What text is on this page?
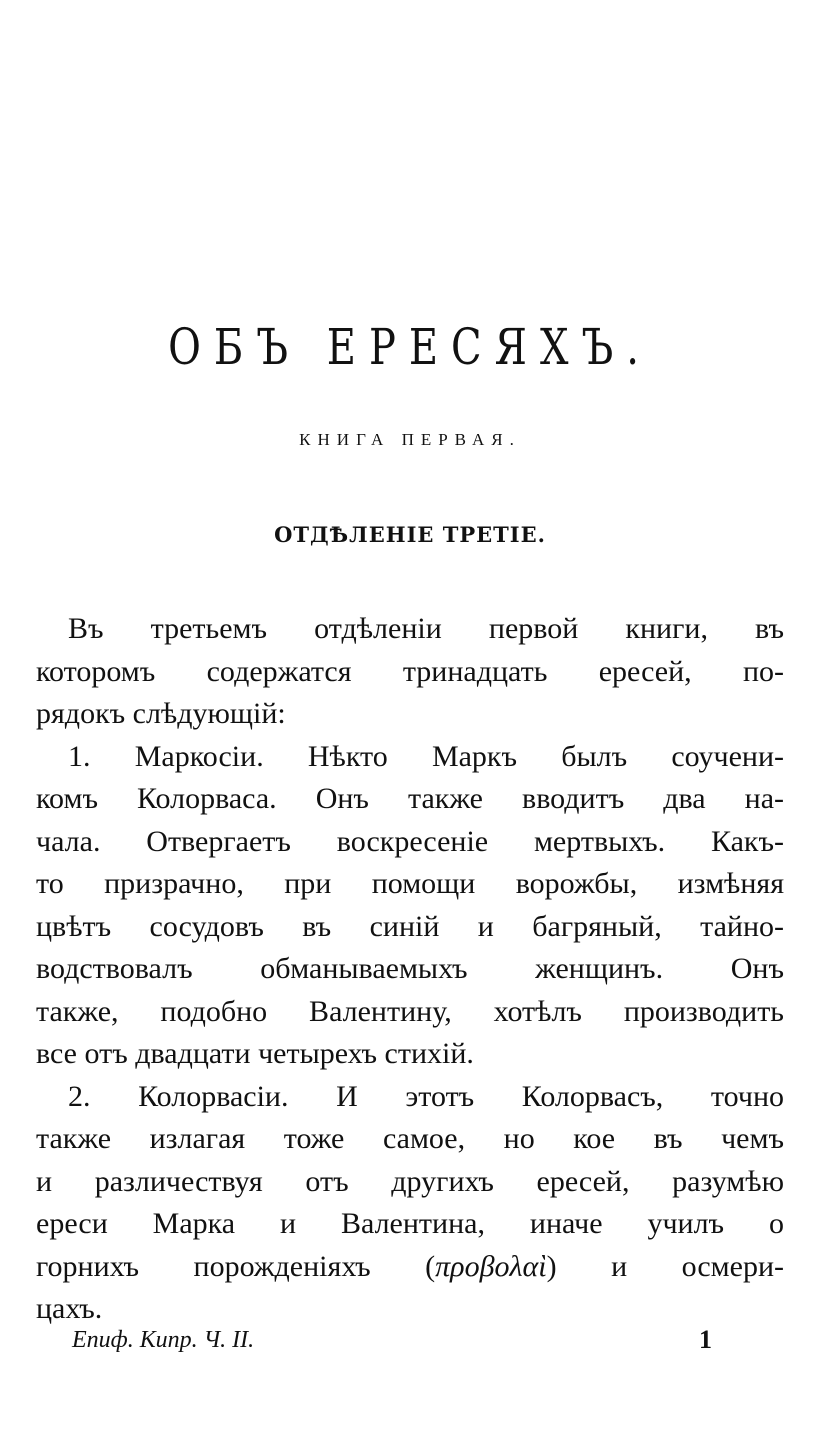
ОБЪ ЕРЕСЯХЪ.
КНИГА ПЕРВАЯ.
ОТДѢЛЕНІЕ ТРЕТІЕ.
Въ третьемъ отдѣленіи первой книги, въ
которомъ содержатся тринадцать ересей, по-
рядокъ слѣдующій:
1. Маркосіи. Нѣкто Маркъ былъ соучени-
комъ Колорваса. Онъ также вводитъ два на-
чала. Отвергаетъ воскресеніе мертвыхъ. Какъ-
то призрачно, при помощи ворожбы, измѣняя
цвѣтъ сосудовъ въ синій и багряный, тайно-
водствовалъ обманываемыхъ женщинъ. Онъ
также, подобно Валентину, хотѣлъ производить
все отъ двадцати четырехъ стихій.
2. Колорвасіи. И этотъ Колорвасъ, точно
также излагая тоже самое, но кое въ чемъ
и различествуя отъ другихъ ересей, разумѣю
ереси Марка и Валентина, иначе училъ о
горнихъ порожденіяхъ (προβολαὶ) и осмери-
цахъ.
Епиф. Кипр. Ч. II.	1
